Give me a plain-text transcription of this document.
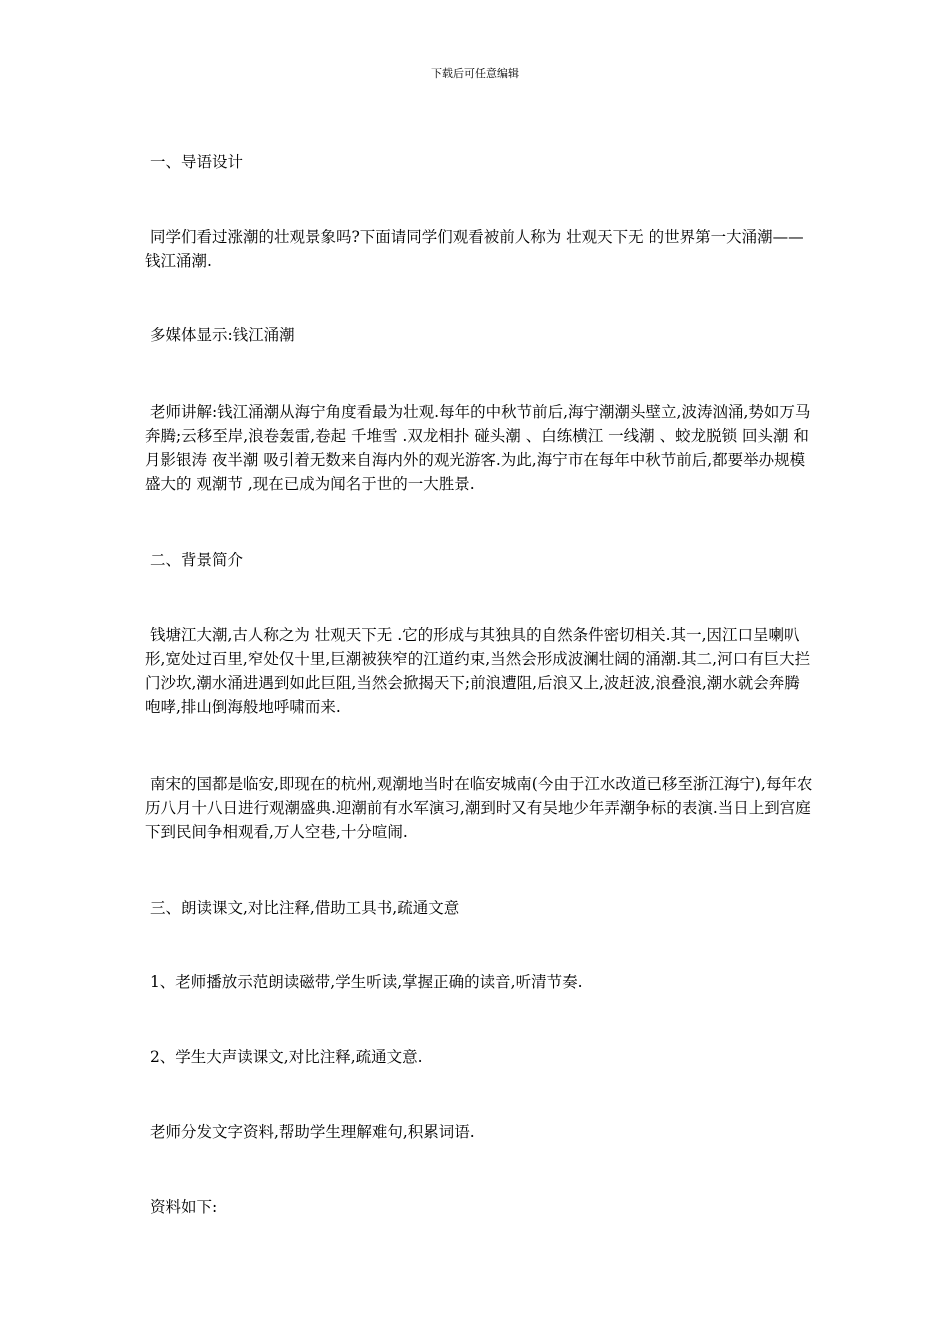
下载后可任意编辑
一、导语设计
同学们看过涨潮的壮观景象吗?下面请同学们观看被前人称为 壮观天下无 的世界第一大涌潮——钱江涌潮.
多媒体显示:钱江涌潮
老师讲解:钱江涌潮从海宁角度看最为壮观.每年的中秋节前后,海宁潮潮头壁立,波涛汹涌,势如万马奔腾;云移至岸,浪卷轰雷,卷起 千堆雪 .双龙相扑 碰头潮 、白练横江 一线潮 、蛟龙脱锁 回头潮 和月影银涛 夜半潮 吸引着无数来自海内外的观光游客.为此,海宁市在每年中秋节前后,都要举办规模盛大的 观潮节 ,现在已成为闻名于世的一大胜景.
二、背景简介
钱塘江大潮,古人称之为 壮观天下无 .它的形成与其独具的自然条件密切相关.其一,因江口呈喇叭形,宽处过百里,窄处仅十里,巨潮被狭窄的江道约束,当然会形成波澜壮阔的涌潮.其二,河口有巨大拦门沙坎,潮水涌进遇到如此巨阻,当然会掀揭天下;前浪遭阻,后浪又上,波赶波,浪叠浪,潮水就会奔腾咆哮,排山倒海般地呼啸而来.
南宋的国都是临安,即现在的杭州,观潮地当时在临安城南(今由于江水改道已移至浙江海宁),每年农历八月十八日进行观潮盛典.迎潮前有水军演习,潮到时又有吴地少年弄潮争标的表演.当日上到宫庭下到民间争相观看,万人空巷,十分喧闹.
三、朗读课文,对比注释,借助工具书,疏通文意
1、老师播放示范朗读磁带,学生听读,掌握正确的读音,听清节奏.
2、学生大声读课文,对比注释,疏通文意.
老师分发文字资料,帮助学生理解难句,积累词语.
资料如下:
